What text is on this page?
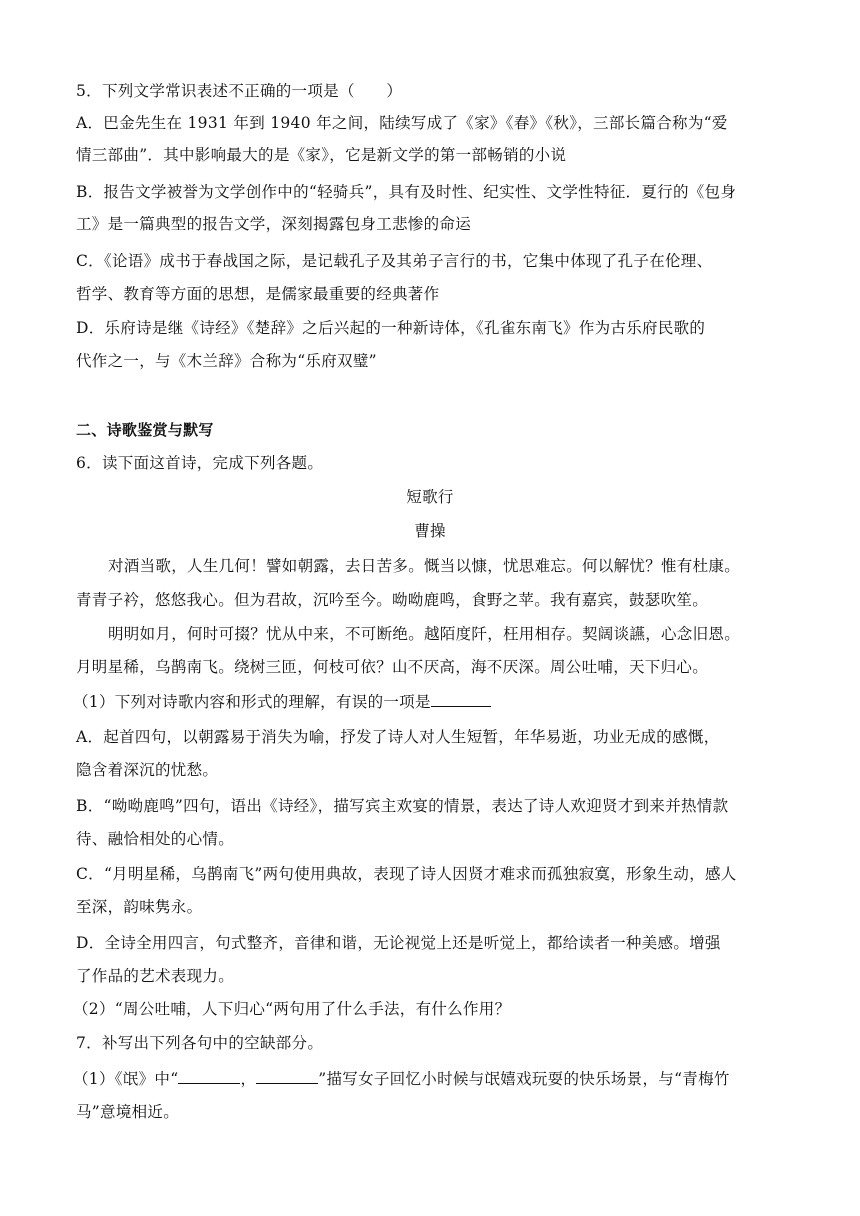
5．下列文学常识表述不正确的一项是（　　）
A．巴金先生在 1931 年到 1940 年之间，陆续写成了《家》《春》《秋》，三部长篇合称为“爱
情三部曲”．其中影响最大的是《家》，它是新文学的第一部畅销的小说
B．报告文学被誉为文学创作中的“轻骑兵”，具有及时性、纪实性、文学性特征．夏行的《包身
工》是一篇典型的报告文学，深刻揭露包身工悲惨的命运
C．《论语》成书于春战国之际，是记载孔子及其弟子言行的书，它集中体现了孔子在伦理、
哲学、教育等方面的思想，是儒家最重要的经典著作
D．乐府诗是继《诗经》《楚辞》之后兴起的一种新诗体，《孔雀东南飞》作为古乐府民歌的
代作之一，与《木兰辞》合称为“乐府双璧”
二、诗歌鉴赏与默写
6．读下面这首诗，完成下列各题。
短歌行
曹操
对酒当歌，人生几何！譬如朝露，去日苦多。慨当以慷，忧思难忘。何以解忧？惟有杜康。
青青子衿，悠悠我心。但为君故，沉吟至今。呦呦鹿鸣，食野之苹。我有嘉宾，鼓瑟吹笙。
明明如月，何时可掇？忧从中来，不可断绝。越陌度阡，枉用相存。契阔谈讌，心念旧恩。
月明星稀，乌鹊南飞。绕树三匝，何枝可依？山不厌高，海不厌深。周公吐哺，天下归心。
（1）下列对诗歌内容和形式的理解，有误的一项是
A．起首四句，以朝露易于消失为喻，抒发了诗人对人生短暂，年华易逝，功业无成的感慨，
隐含着深沉的忧愁。
B．“呦呦鹿鸣”四句，语出《诗经》，描写宾主欢宴的情景，表达了诗人欢迎贤才到来并热情款
待、融恰相处的心情。
C．“月明星稀，乌鹊南飞”两句使用典故，表现了诗人因贤才难求而孤独寂寞，形象生动，感人
至深，韵味隽永。
D．全诗全用四言，句式整齐，音律和谐，无论视觉上还是听觉上，都给读者一种美感。增强
了作品的艺术表现力。
（2）“周公吐哺，人下归心“两句用了什么手法，有什么作用？
7．补写出下列各句中的空缺部分。
（1）《氓》中“	，	”描写女子回忆小时候与氓嬉戏玩耍的快乐场景，与“青梅竹
马”意境相近。
